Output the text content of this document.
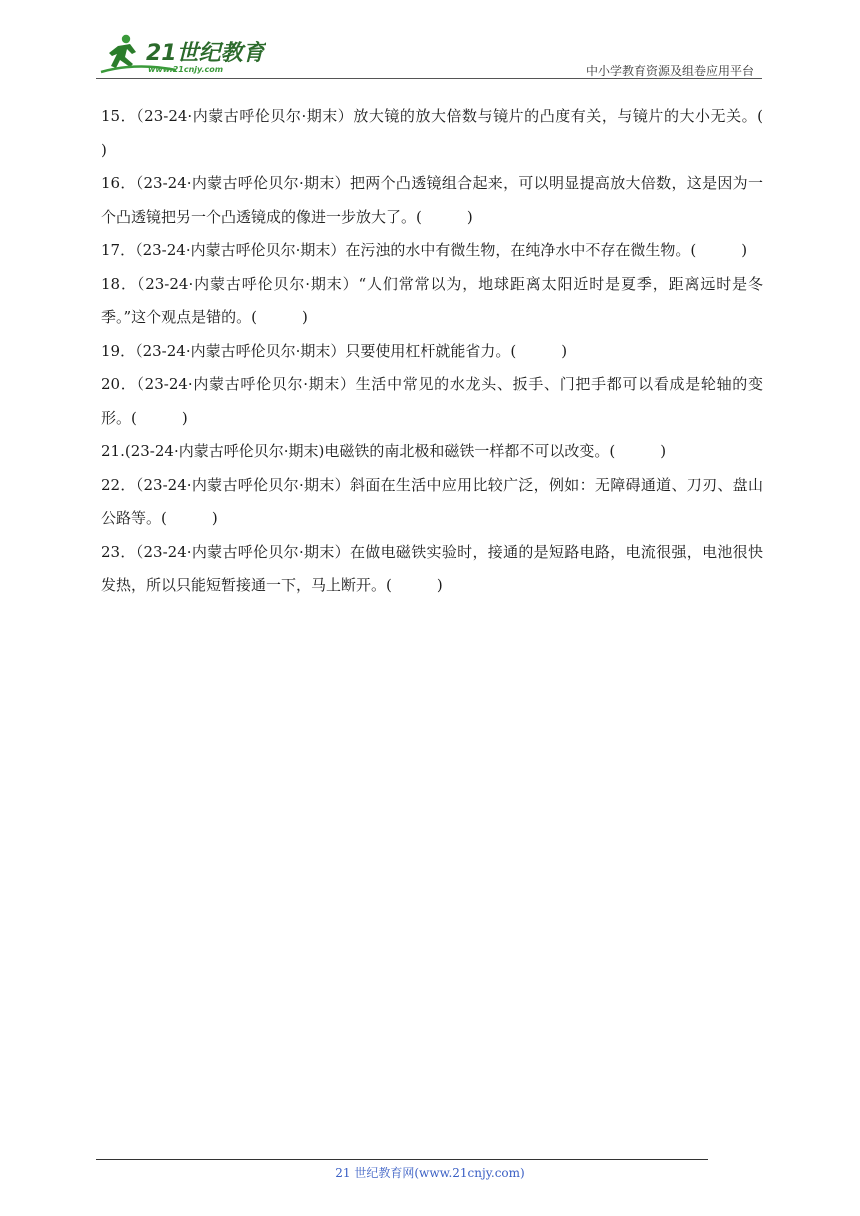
21世纪教育
www.21cnjy.com	中小学教育资源及组卷应用平台
15．（23-24·内蒙古呼伦贝尔·期末）放大镜的放大倍数与镜片的凸度有关，与镜片的大小无关。(　　　)
16．（23-24·内蒙古呼伦贝尔·期末）把两个凸透镜组合起来，可以明显提高放大倍数，这是因为一个凸透镜把另一个凸透镜成的像进一步放大了。(　　　)
17．（23-24·内蒙古呼伦贝尔·期末）在污浊的水中有微生物，在纯净水中不存在微生物。(　　　)
18．（23-24·内蒙古呼伦贝尔·期末）“人们常常以为，地球距离太阳近时是夏季，距离远时是冬季。”这个观点是错的。(　　　)
19．（23-24·内蒙古呼伦贝尔·期末）只要使用杠杆就能省力。(　　　)
20．（23-24·内蒙古呼伦贝尔·期末）生活中常见的水龙头、扳手、门把手都可以看成是轮轴的变形。(　　　)
21.(23-24·内蒙古呼伦贝尔·期末)电磁铁的南北极和磁铁一样都不可以改变。(　　　)
22．（23-24·内蒙古呼伦贝尔·期末）斜面在生活中应用比较广泛，例如：无障碍通道、刀刃、盘山公路等。(　　　)
23．（23-24·内蒙古呼伦贝尔·期末）在做电磁铁实验时，接通的是短路电路，电流很强，电池很快发热，所以只能短暂接通一下，马上断开。(　　　)
21 世纪教育网(www.21cnjy.com)
